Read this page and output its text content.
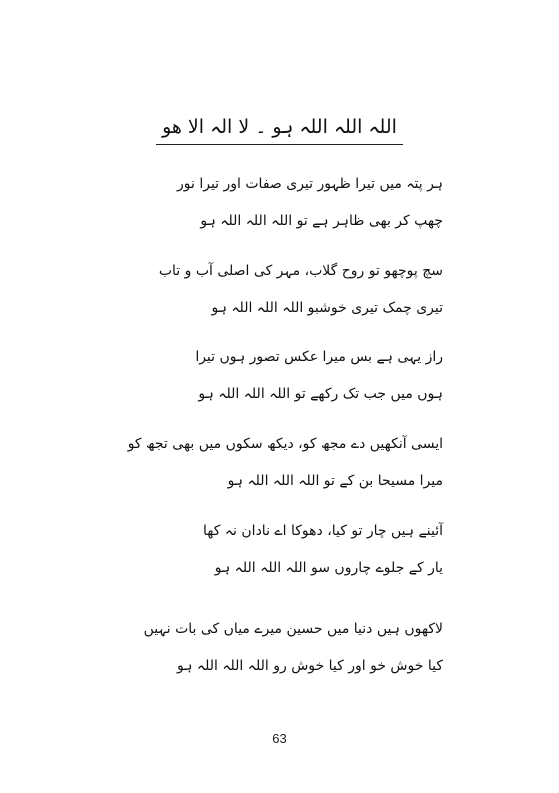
اللہ اللہ اللہ ہو ۔ لا الہ الا ھو
ہر پتہ میں تیرا ظہور تیری صفات اور تیرا نور
چھپ کر بھی ظاہر ہے تو اللہ اللہ اللہ ہو
سچ پوچھو تو روح گلاب، مہر کی اصلی آب و تاب
تیری چمک تیری خوشبو اللہ اللہ اللہ ہو
راز یہی ہے بس میرا عکس تصور ہوں تیرا
ہوں میں جب تک رکھے تو اللہ اللہ اللہ ہو
ایسی آنکھیں دے مجھ کو، دیکھ سکوں میں بھی تجھ کو
میرا مسیحا بن کے تو اللہ اللہ اللہ ہو
آئینے ہیں چار تو کیا، دھوکا اے نادان نہ کھا
یار کے جلوے چاروں سو اللہ اللہ اللہ ہو
لاکھوں ہیں دنیا میں حسین میرے میاں کی بات نہیں
کیا خوش خو اور کیا خوش رو اللہ اللہ اللہ ہو
63
